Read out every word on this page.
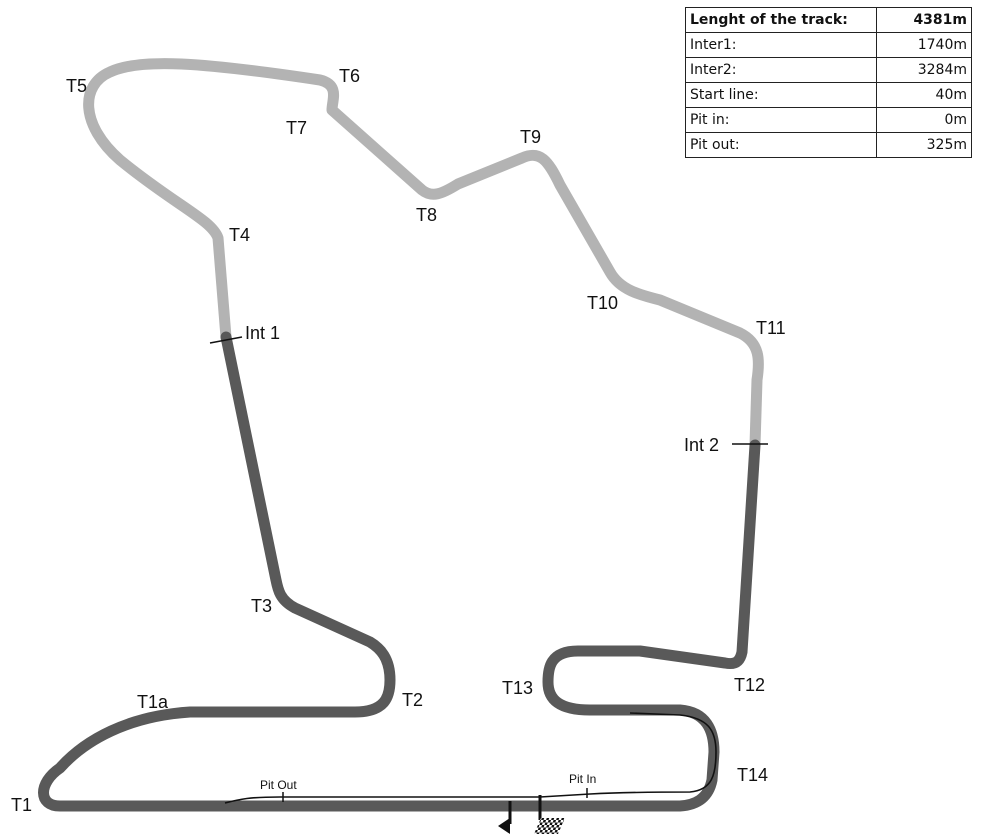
T1
T1a	T2
T3
T4
T5	T6
T7
T8
T9
T10
T11
T12
T13
T14
Int 1
Int 2
Pit Out	Pit In
Lenght of the track:	4381m
Inter1:	1740m
Inter2:	3284m
Start line:	40m
Pit in:	0m
Pit out:	325m
